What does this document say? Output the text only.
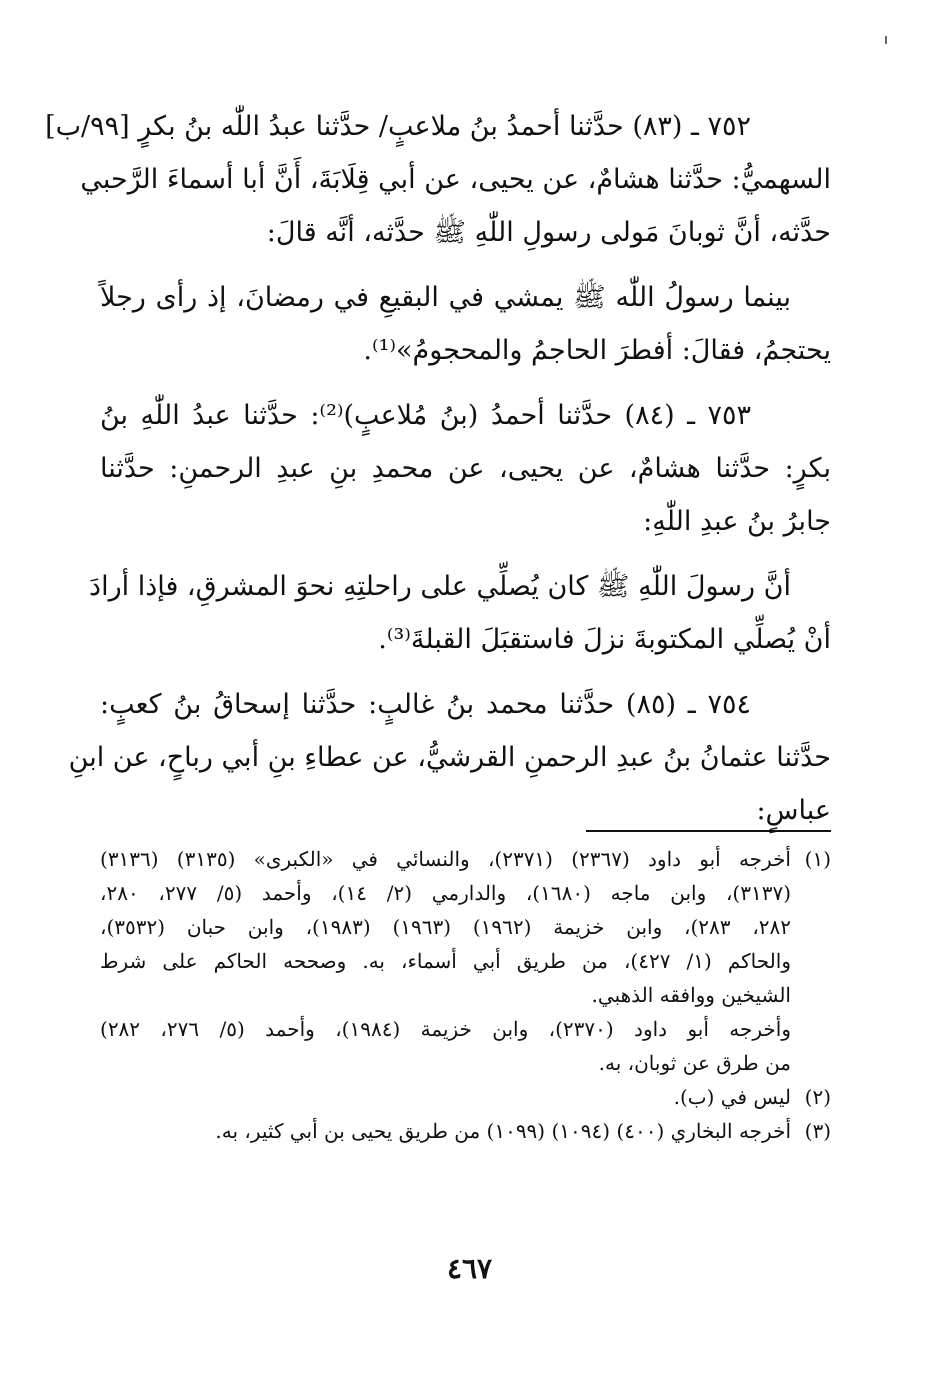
٧٥٢ ـ (٨٣) حدَّثنا أحمدُ بنُ ملاعبٍ/ حدَّثنا عبدُ اللّٰه بنُ بكرٍ [٩٩/ب]
السهميُّ: حدَّثنا هشامٌ، عن يحيى، عن أبي قِلَابَةَ، أَنَّ أبا أسماءَ الرَّحبي
حدَّثه، أنَّ ثوبانَ مَولى رسولِ اللّٰهِ ﷺ حدَّثه، أنَّه قالَ:
بينما رسولُ اللّٰه ﷺ يمشي في البقيعِ في رمضانَ، إذ رأى رجلاً
يحتجمُ، فقالَ: أفطرَ الحاجمُ والمحجومُ»⁽¹⁾.
٧٥٣ ـ (٨٤) حدَّثنا أحمدُ (بنُ مُلاعبٍ)⁽²⁾: حدَّثنا عبدُ اللّٰهِ بنُ
بكرٍ: حدَّثنا هشامٌ، عن يحيى، عن محمدِ بنِ عبدِ الرحمنِ: حدَّثنا
جابرُ بنُ عبدِ اللّٰهِ:
أنَّ رسولَ اللّٰهِ ﷺ كان يُصلِّي على راحلتِهِ نحوَ المشرقِ، فإذا أرادَ
أنْ يُصلِّي المكتوبةَ نزلَ فاستقبَلَ القبلةَ⁽³⁾.
٧٥٤ ـ (٨٥) حدَّثنا محمد بنُ غالبٍ: حدَّثنا إسحاقُ بنُ كعبٍ:
حدَّثنا عثمانُ بنُ عبدِ الرحمنِ القرشيُّ، عن عطاءِ بنِ أبي رباحٍ، عن ابنِ
عباسٍ:
(١)
أخرجه أبو داود (٢٣٦٧) (٢٣٧١)، والنسائي في «الكبرى» (٣١٣٥) (٣١٣٦)
(٣١٣٧)، وابن ماجه (١٦٨٠)، والدارمي (٢/ ١٤)، وأحمد (٥/ ٢٧٧، ٢٨٠،
٢٨٢، ٢٨٣)، وابن خزيمة (١٩٦٢) (١٩٦٣) (١٩٨٣)، وابن حبان (٣٥٣٢)،
والحاكم (١/ ٤٢٧)، من طريق أبي أسماء، به. وصححه الحاكم على شرط
الشيخين ووافقه الذهبي.
وأخرجه أبو داود (٢٣٧٠)، وابن خزيمة (١٩٨٤)، وأحمد (٥/ ٢٧٦، ٢٨٢)
من طرق عن ثوبان، به.
(٢)
ليس في (ب).
(٣)
أخرجه البخاري (٤٠٠) (١٠٩٤) (١٠٩٩) من طريق يحيى بن أبي كثير، به.
٤٦٧
